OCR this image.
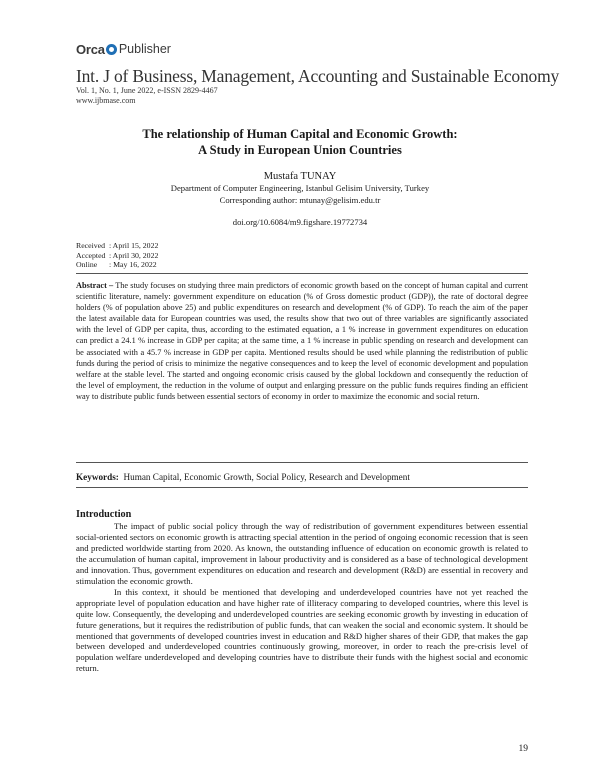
Orca Publisher
Int. J of Business, Management, Accounting and Sustainable Economy
Vol. 1, No. 1, June 2022, e-ISSN 2829-4467
www.ijbmase.com
The relationship of Human Capital and Economic Growth:
A Study in European Union Countries
Mustafa TUNAY
Department of Computer Engineering, Istanbul Gelisim University, Turkey
Corresponding author: mtunay@gelisim.edu.tr
doi.org/10.6084/m9.figshare.19772734
Received : April 15, 2022
Accepted : April 30, 2022
Online : May 16, 2022
Abstract – The study focuses on studying three main predictors of economic growth based on the concept of human capital and current scientific literature, namely: government expenditure on education (% of Gross domestic product (GDP)), the rate of doctoral degree holders (% of population above 25) and public expenditures on research and development (% of GDP). To reach the aim of the paper the latest available data for European countries was used, the results show that two out of three variables are significantly associated with the level of GDP per capita, thus, according to the estimated equation, a 1 % increase in government expenditures on education can predict a 24.1 % increase in GDP per capita; at the same time, a 1 % increase in public spending on research and development can be associated with a 45.7 % increase in GDP per capita. Mentioned results should be used while planning the redistribution of public funds during the period of crisis to minimize the negative consequences and to keep the level of economic development and population welfare at the stable level. The started and ongoing economic crisis caused by the global lockdown and consequently the reduction of the level of employment, the reduction in the volume of output and enlarging pressure on the public funds requires finding an efficient way to distribute public funds between essential sectors of economy in order to maximize the economic and social return.
Keywords: Human Capital, Economic Growth, Social Policy, Research and Development
Introduction

The impact of public social policy through the way of redistribution of government expenditures between essential social-oriented sectors on economic growth is attracting special attention in the period of ongoing economic recession that is seen and predicted worldwide starting from 2020. As known, the outstanding influence of education on economic growth is related to the accumulation of human capital, improvement in labour productivity and is considered as a base of technological development and innovation. Thus, government expenditures on education and research and development (R&D) are essential in recovery and stimulation the economic growth.

In this context, it should be mentioned that developing and underdeveloped countries have not yet reached the appropriate level of population education and have higher rate of illiteracy comparing to developed countries, where this level is quite low. Consequently, the developing and underdeveloped countries are seeking economic growth by investing in education of future generations, but it requires the redistribution of public funds, that can weaken the social and economic system. It should be mentioned that governments of developed countries invest in education and R&D higher shares of their GDP, that makes the gap between developed and underdeveloped countries continuously growing, moreover, in order to reach the pre-crisis level of population welfare underdeveloped and developing countries have to distribute their funds with the highest social and economic return.

19
